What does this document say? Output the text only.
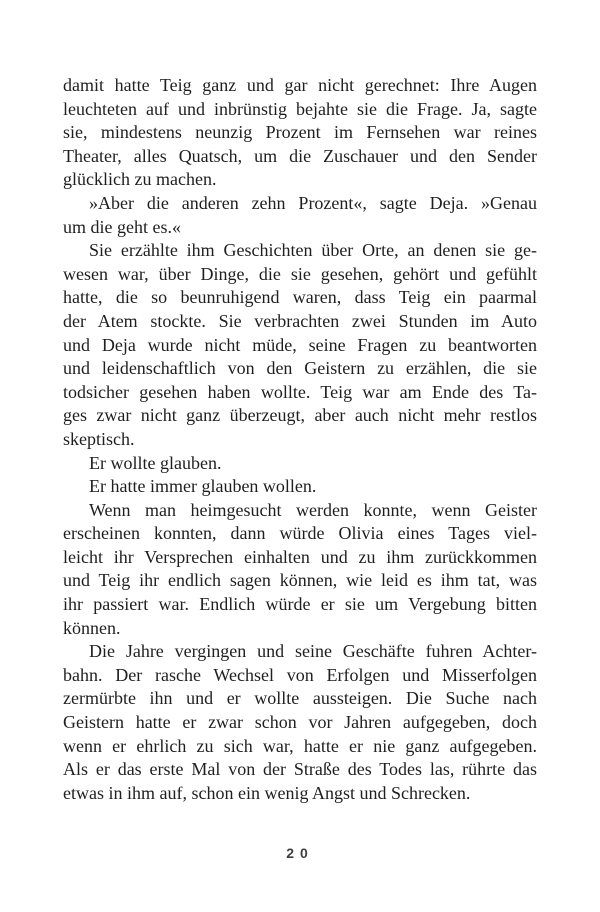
damit hatte Teig ganz und gar nicht gerechnet: Ihre Augen
leuchteten auf und inbrünstig bejahte sie die Frage. Ja, sagte
sie, mindestens neunzig Prozent im Fernsehen war reines
Theater, alles Quatsch, um die Zuschauer und den Sender
glücklich zu machen.
»Aber die anderen zehn Prozent«, sagte Deja. »Genau
um die geht es.«
Sie erzählte ihm Geschichten über Orte, an denen sie ge-
wesen war, über Dinge, die sie gesehen, gehört und gefühlt
hatte, die so beunruhigend waren, dass Teig ein paarmal
der Atem stockte. Sie verbrachten zwei Stunden im Auto
und Deja wurde nicht müde, seine Fragen zu beantworten
und leidenschaftlich von den Geistern zu erzählen, die sie
todsicher gesehen haben wollte. Teig war am Ende des Ta-
ges zwar nicht ganz überzeugt, aber auch nicht mehr restlos
skeptisch.
Er wollte glauben.
Er hatte immer glauben wollen.
Wenn man heimgesucht werden konnte, wenn Geister
erscheinen konnten, dann würde Olivia eines Tages viel-
leicht ihr Versprechen einhalten und zu ihm zurückkommen
und Teig ihr endlich sagen können, wie leid es ihm tat, was
ihr passiert war. Endlich würde er sie um Vergebung bitten
können.
Die Jahre vergingen und seine Geschäfte fuhren Achter-
bahn. Der rasche Wechsel von Erfolgen und Misserfolgen
zermürbte ihn und er wollte aussteigen. Die Suche nach
Geistern hatte er zwar schon vor Jahren aufgegeben, doch
wenn er ehrlich zu sich war, hatte er nie ganz aufgegeben.
Als er das erste Mal von der Straße des Todes las, rührte das
etwas in ihm auf, schon ein wenig Angst und Schrecken.
20
